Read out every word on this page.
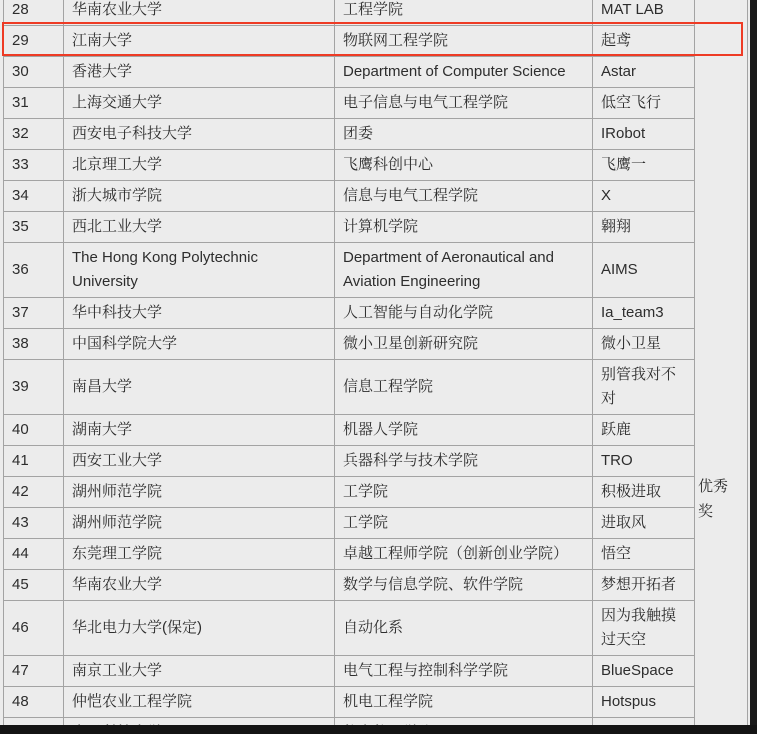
28	华南农业大学	工程学院	MAT LAB	
29	江南大学	物联网工程学院	起鸢	
30	香港大学	Department of Computer Science	Astar	
31	上海交通大学	电子信息与电气工程学院	低空飞行	
32	西安电子科技大学	团委	IRobot	
33	北京理工大学	飞鹰科创中心	飞鹰一	
34	浙大城市学院	信息与电气工程学院	X	
35	西北工业大学	计算机学院	翱翔	
36	The Hong Kong Polytechnic University	Department of Aeronautical and Aviation Engineering	AIMS	
37	华中科技大学	人工智能与自动化学院	Ia_team3	
38	中国科学院大学	微小卫星创新研究院	微小卫星	
39	南昌大学	信息工程学院	别管我对不对	
40	湖南大学	机器人学院	跃鹿	
41	西安工业大学	兵器科学与技术学院	TRO	
42	湖州师范学院	工学院	积极进取	
43	湖州师范学院	工学院	进取风	
44	东莞理工学院	卓越工程师学院（创新创业学院）	悟空	
45	华南农业大学	数学与信息学院、软件学院	梦想开拓者	
46	华北电力大学(保定)	自动化系	因为我触摸过天空	
47	南京工业大学	电气工程与控制科学学院	BlueSpace	
48	仲恺农业工程学院	机电工程学院	Hotspus	

优秀奖
